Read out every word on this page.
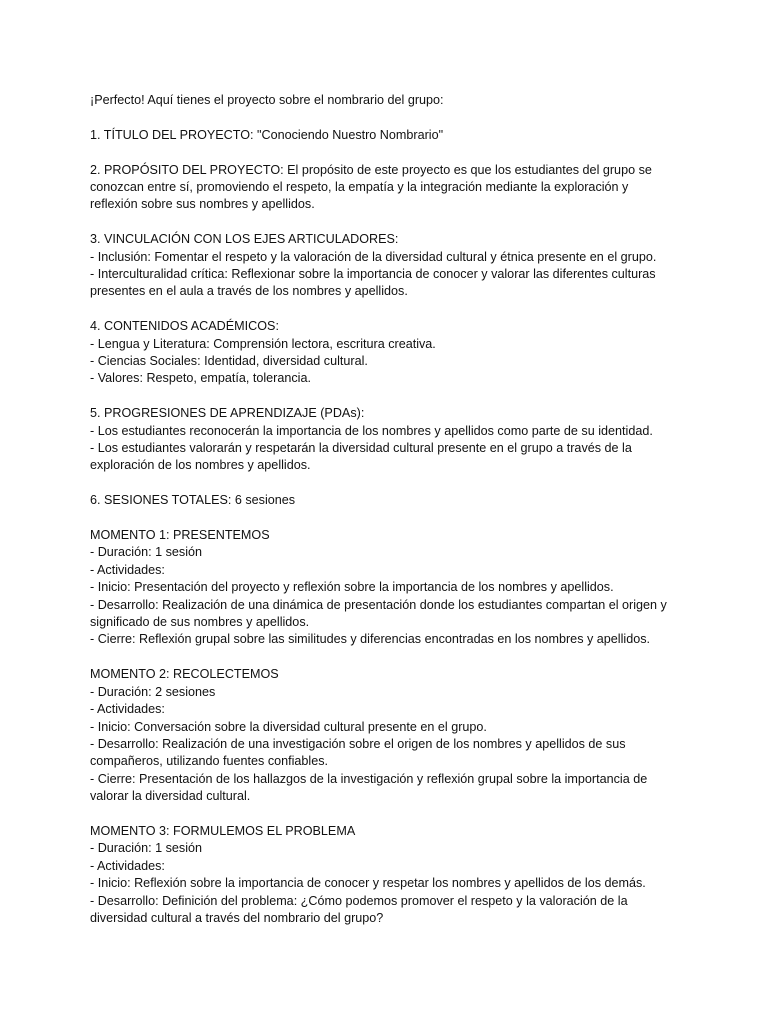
¡Perfecto! Aquí tienes el proyecto sobre el nombrario del grupo:
1. TÍTULO DEL PROYECTO: "Conociendo Nuestro Nombrario"
2. PROPÓSITO DEL PROYECTO: El propósito de este proyecto es que los estudiantes del grupo se
conozcan entre sí, promoviendo el respeto, la empatía y la integración mediante la exploración y
reflexión sobre sus nombres y apellidos.
3. VINCULACIÓN CON LOS EJES ARTICULADORES:
- Inclusión: Fomentar el respeto y la valoración de la diversidad cultural y étnica presente en el grupo.
- Interculturalidad crítica: Reflexionar sobre la importancia de conocer y valorar las diferentes culturas
presentes en el aula a través de los nombres y apellidos.
4. CONTENIDOS ACADÉMICOS:
- Lengua y Literatura: Comprensión lectora, escritura creativa.
- Ciencias Sociales: Identidad, diversidad cultural.
- Valores: Respeto, empatía, tolerancia.
5. PROGRESIONES DE APRENDIZAJE (PDAs):
- Los estudiantes reconocerán la importancia de los nombres y apellidos como parte de su identidad.
- Los estudiantes valorarán y respetarán la diversidad cultural presente en el grupo a través de la
exploración de los nombres y apellidos.
6. SESIONES TOTALES: 6 sesiones
MOMENTO 1: PRESENTEMOS
- Duración: 1 sesión
- Actividades:
- Inicio: Presentación del proyecto y reflexión sobre la importancia de los nombres y apellidos.
- Desarrollo: Realización de una dinámica de presentación donde los estudiantes compartan el origen y
significado de sus nombres y apellidos.
- Cierre: Reflexión grupal sobre las similitudes y diferencias encontradas en los nombres y apellidos.
MOMENTO 2: RECOLECTEMOS
- Duración: 2 sesiones
- Actividades:
- Inicio: Conversación sobre la diversidad cultural presente en el grupo.
- Desarrollo: Realización de una investigación sobre el origen de los nombres y apellidos de sus
compañeros, utilizando fuentes confiables.
- Cierre: Presentación de los hallazgos de la investigación y reflexión grupal sobre la importancia de
valorar la diversidad cultural.
MOMENTO 3: FORMULEMOS EL PROBLEMA
- Duración: 1 sesión
- Actividades:
- Inicio: Reflexión sobre la importancia de conocer y respetar los nombres y apellidos de los demás.
- Desarrollo: Definición del problema: ¿Cómo podemos promover el respeto y la valoración de la
diversidad cultural a través del nombrario del grupo?
